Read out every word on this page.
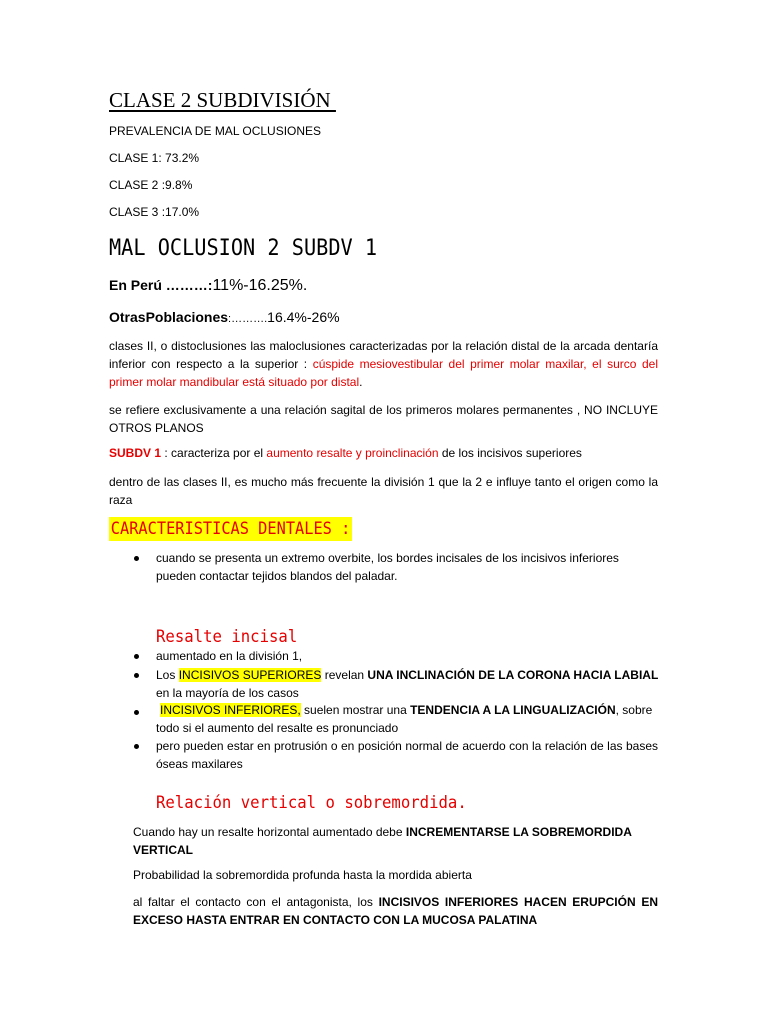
CLASE 2 SUBDIVISIÓN
PREVALENCIA DE MAL OCLUSIONES
CLASE 1: 73.2%
CLASE 2 :9.8%
CLASE 3 :17.0%
MAL OCLUSION 2 SUBDV 1
En Perú ………:11%-16.25%.
OtrasPoblaciones:……….16.4%-26%
clases II, o distoclusiones las maloclusiones caracterizadas por la relación distal de la arcada dentaría inferior con respecto a la superior : cúspide mesiovestibular del primer molar maxilar, el surco del primer molar mandibular está situado por distal.
se refiere exclusivamente a una relación sagital de los primeros molares permanentes , NO INCLUYE OTROS PLANOS
SUBDV 1 : caracteriza por el aumento resalte y proinclinación de los incisivos superiores
dentro de las clases II, es mucho más frecuente la división 1 que la 2 e influye tanto el origen como la raza
CARACTERISTICAS DENTALES :
cuando se presenta un extremo overbite, los bordes incisales de los incisivos inferiores pueden contactar tejidos blandos del paladar.
Resalte incisal
aumentado en la división 1,
Los INCISIVOS SUPERIORES revelan UNA INCLINACIÓN DE LA CORONA HACIA LABIAL
en la mayoría de los casos
INCISIVOS INFERIORES, suelen mostrar una TENDENCIA A LA LINGUALIZACIÓN, sobre
todo si el aumento del resalte es pronunciado
pero pueden estar en protrusión o en posición normal de acuerdo con la relación de las bases óseas maxilares
Relación vertical o sobremordida.
Cuando hay un resalte horizontal aumentado debe INCREMENTARSE LA SOBREMORDIDA VERTICAL
Probabilidad la sobremordida profunda hasta la mordida abierta
al faltar el contacto con el antagonista, los INCISIVOS INFERIORES HACEN ERUPCIÓN EN EXCESO HASTA ENTRAR EN CONTACTO CON LA MUCOSA PALATINA
